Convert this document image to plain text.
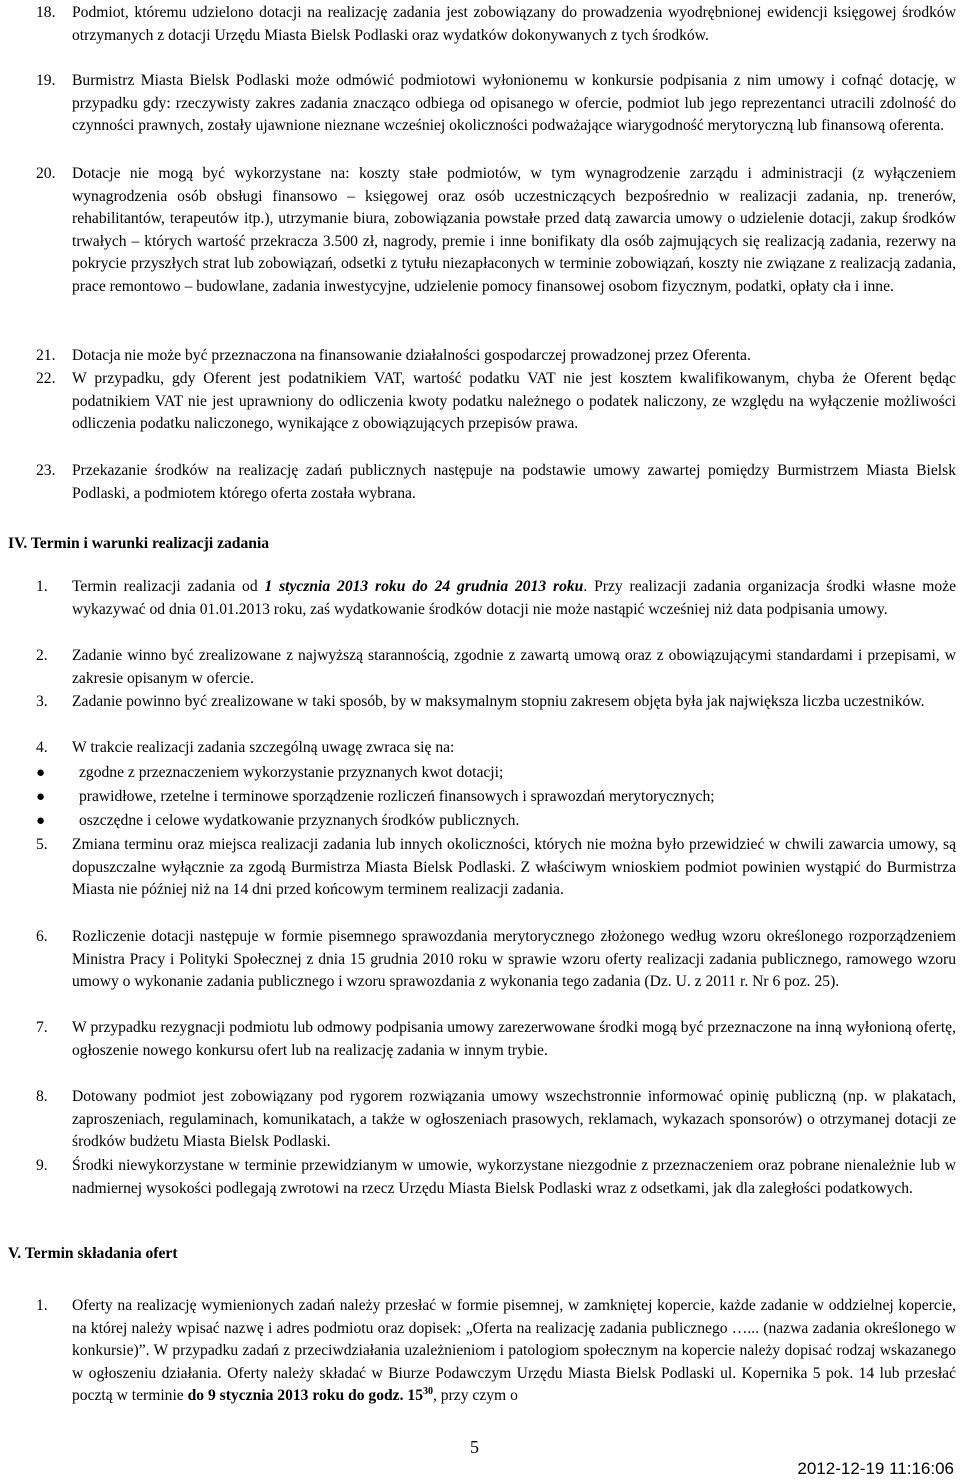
18. Podmiot, któremu udzielono dotacji na realizację zadania jest zobowiązany do prowadzenia wyodrębnionej ewidencji księgowej środków otrzymanych z dotacji Urzędu Miasta Bielsk Podlaski oraz wydatków dokonywanych z tych środków.
19. Burmistrz Miasta Bielsk Podlaski może odmówić podmiotowi wyłonionemu w konkursie podpisania z nim umowy i cofnąć dotację, w przypadku gdy: rzeczywisty zakres zadania znacząco odbiega od opisanego w ofercie, podmiot lub jego reprezentanci utracili zdolność do czynności prawnych, zostały ujawnione nieznane wcześniej okoliczności podważające wiarygodność merytoryczną lub finansową oferenta.
20. Dotacje nie mogą być wykorzystane na: koszty stałe podmiotów, w tym wynagrodzenie zarządu i administracji (z wyłączeniem wynagrodzenia osób obsługi finansowo – księgowej oraz osób uczestniczących bezpośrednio w realizacji zadania, np. trenerów, rehabilitantów, terapeutów itp.), utrzymanie biura, zobowiązania powstałe przed datą zawarcia umowy o udzielenie dotacji, zakup środków trwałych – których wartość przekracza 3.500 zł, nagrody, premie i inne bonifikaty dla osób zajmujących się realizacją zadania, rezerwy na pokrycie przyszłych strat lub zobowiązań, odsetki z tytułu niezapłaconych w terminie zobowiązań, koszty nie związane z realizacją zadania, prace remontowo – budowlane, zadania inwestycyjne, udzielenie pomocy finansowej osobom fizycznym, podatki, opłaty cła i inne.
21. Dotacja nie może być przeznaczona na finansowanie działalności gospodarczej prowadzonej przez Oferenta.
22. W przypadku, gdy Oferent jest podatnikiem VAT, wartość podatku VAT nie jest kosztem kwalifikowanym, chyba że Oferent będąc podatnikiem VAT nie jest uprawniony do odliczenia kwoty podatku należnego o podatek naliczony, ze względu na wyłączenie możliwości odliczenia podatku naliczonego, wynikające z obowiązujących przepisów prawa.
23. Przekazanie środków na realizację zadań publicznych następuje na podstawie umowy zawartej pomiędzy Burmistrzem Miasta Bielsk Podlaski, a podmiotem którego oferta została wybrana.
IV. Termin i warunki realizacji zadania
1. Termin realizacji zadania od 1 stycznia 2013 roku do 24 grudnia 2013 roku. Przy realizacji zadania organizacja środki własne może wykazywać od dnia 01.01.2013 roku, zaś wydatkowanie środków dotacji nie może nastąpić wcześniej niż data podpisania umowy.
2. Zadanie winno być zrealizowane z najwyższą starannością, zgodnie z zawartą umową oraz z obowiązującymi standardami i przepisami, w zakresie opisanym w ofercie.
3. Zadanie powinno być zrealizowane w taki sposób, by w maksymalnym stopniu zakresem objęta była jak największa liczba uczestników.
4. W trakcie realizacji zadania szczególną uwagę zwraca się na:
● zgodne z przeznaczeniem wykorzystanie przyznanych kwot dotacji;
● prawidłowe, rzetelne i terminowe sporządzenie rozliczeń finansowych i sprawozdań merytorycznych;
● oszczędne i celowe wydatkowanie przyznanych środków publicznych.
5. Zmiana terminu oraz miejsca realizacji zadania lub innych okoliczności, których nie można było przewidzieć w chwili zawarcia umowy, są dopuszczalne wyłącznie za zgodą Burmistrza Miasta Bielsk Podlaski. Z właściwym wnioskiem podmiot powinien wystąpić do Burmistrza Miasta nie później niż na 14 dni przed końcowym terminem realizacji zadania.
6. Rozliczenie dotacji następuje w formie pisemnego sprawozdania merytorycznego złożonego według wzoru określonego rozporządzeniem Ministra Pracy i Polityki Społecznej z dnia 15 grudnia 2010 roku w sprawie wzoru oferty realizacji zadania publicznego, ramowego wzoru umowy o wykonanie zadania publicznego i wzoru sprawozdania z wykonania tego zadania (Dz. U. z 2011 r. Nr 6 poz. 25).
7. W przypadku rezygnacji podmiotu lub odmowy podpisania umowy zarezerwowane środki mogą być przeznaczone na inną wyłonioną ofertę, ogłoszenie nowego konkursu ofert lub na realizację zadania w innym trybie.
8. Dotowany podmiot jest zobowiązany pod rygorem rozwiązania umowy wszechstronnie informować opinię publiczną (np. w plakatach, zaproszeniach, regulaminach, komunikatach, a także w ogłoszeniach prasowych, reklamach, wykazach sponsorów) o otrzymanej dotacji ze środków budżetu Miasta Bielsk Podlaski.
9. Środki niewykorzystane w terminie przewidzianym w umowie, wykorzystane niezgodnie z przeznaczeniem oraz pobrane nienależnie lub w nadmiernej wysokości podlegają zwrotowi na rzecz Urzędu Miasta Bielsk Podlaski wraz z odsetkami, jak dla zaległości podatkowych.
V. Termin składania ofert
1. Oferty na realizację wymienionych zadań należy przesłać w formie pisemnej, w zamkniętej kopercie, każde zadanie w oddzielnej kopercie, na której należy wpisać nazwę i adres podmiotu oraz dopisek: „Oferta na realizację zadania publicznego …... (nazwa zadania określonego w konkursie)”. W przypadku zadań z przeciwdziałania uzależnieniom i patologiom społecznym na kopercie należy dopisać rodzaj wskazanego w ogłoszeniu działania. Oferty należy składać w Biurze Podawczym Urzędu Miasta Bielsk Podlaski ul. Kopernika 5 pok. 14 lub przesłać pocztą w terminie do 9 stycznia 2013 roku do godz. $15^{30}$, przy czym o
5
2012-12-19 11:16:06
